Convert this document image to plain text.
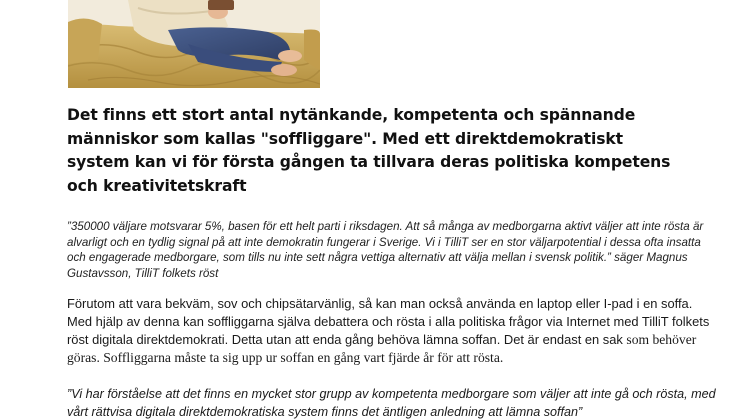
Det finns ett stort antal nytänkande, kompetenta och spännande människor som kallas "soffliggare". Med ett direktdemokratiskt system kan vi för första gången ta tillvara deras politiska kompetens och kreativitetskraft

”350000 väljare motsvarar 5%, basen för ett helt parti i riksdagen. Att så många av medborgarna aktivt väljer att inte rösta är alvarligt och en tydlig signal på att inte demokratin fungerar i Sverige. Vi i TilliT ser en stor väljarpotential i dessa ofta insatta och engagerade medborgare, som tills nu inte sett några vettiga alternativ att välja mellan i svensk politik.” säger Magnus Gustavsson, TilliT folkets röst

Förutom att vara bekväm, sov och chipsätarvänlig, så kan man också använda en laptop eller I-pad i en soffa. Med hjälp av denna kan soffliggarna själva debattera och rösta i alla politiska frågor via Internet med TilliT folkets röst digitala direktdemokrati. Detta utan att enda gång behöva lämna soffan. Det är endast en sak som behöver göras. Soffliggarna måste ta sig upp ur soffan en gång vart fjärde år för att rösta.

”Vi har förståelse att det finns en mycket stor grupp av kompetenta medborgare som väljer att inte gå och rösta, med vårt rättvisa digitala direktdemokratiska system finns det äntligen anledning att lämna soffan”
